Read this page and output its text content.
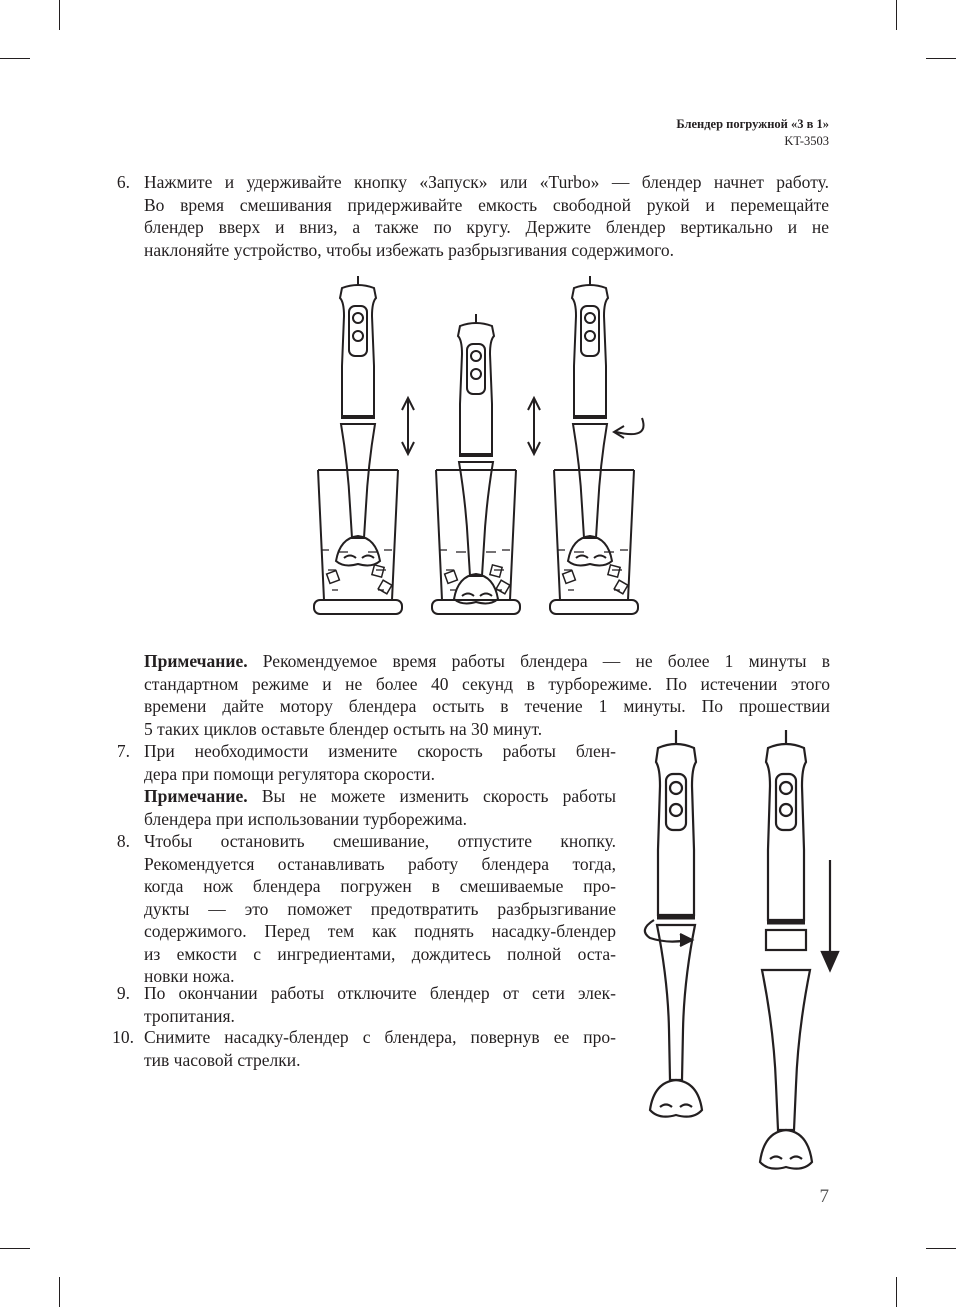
Блендер погружной «3 в 1»
KT-3503
6. Нажмите и удерживайте кнопку «Запуск» или «Turbo» — блендер начнет работу.
Во время смешивания придерживайте емкость свободной рукой и перемещайте
блендер вверх и вниз, а также по кругу. Держите блендер вертикально и не
наклоняйте устройство, чтобы избежать разбрызгивания содержимого.
Примечание. Рекомендуемое время работы блендера — не более 1 минуты в
стандартном режиме и не более 40 секунд в турборежиме. По истечении этого
времени дайте мотору блендера остыть в течение 1 минуты. По прошествии
5 таких циклов оставьте блендер остыть на 30 минут.
7. При необходимости измените скорость работы блен-
дера при помощи регулятора скорости.
Примечание. Вы не можете изменить скорость работы
блендера при использовании турборежима.
8. Чтобы остановить смешивание, отпустите кнопку.
Рекомендуется останавливать работу блендера тогда,
когда нож блендера погружен в смешиваемые про-
дукты — это поможет предотвратить разбрызгивание
содержимого. Перед тем как поднять насадку-блендер
из емкости с ингредиентами, дождитесь полной оста-
новки ножа.
9. По окончании работы отключите блендер от сети элек-
тропитания.
10. Снимите насадку-блендер с блендера, повернув ее про-
тив часовой стрелки.
7
